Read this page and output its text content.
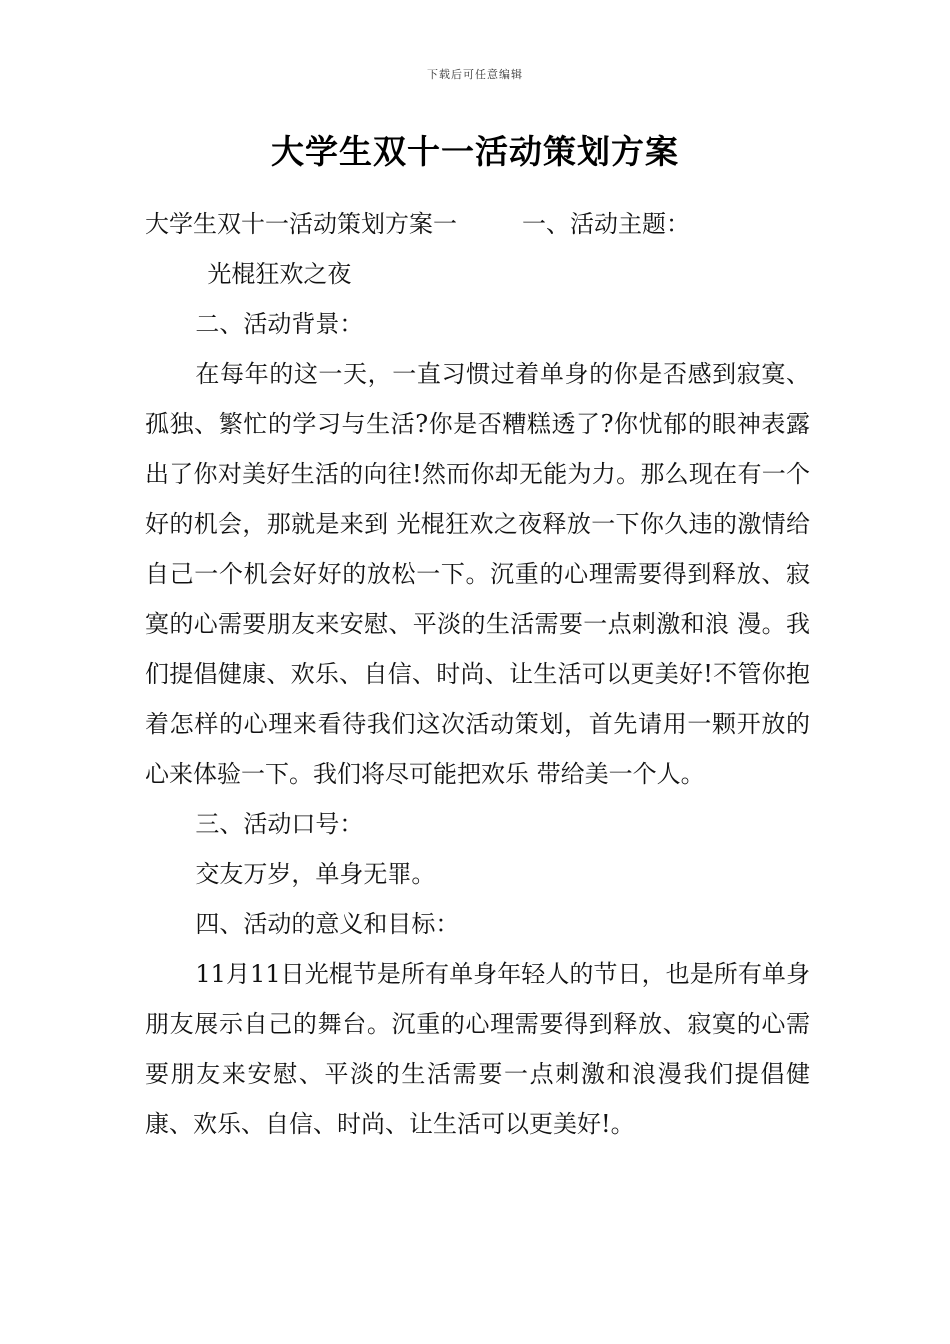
下载后可任意编辑
大学生双十一活动策划方案
大学生双十一活动策划方案一	一、活动主题：

光棍狂欢之夜

二、活动背景：

在每年的这一天，一直习惯过着单身的你是否感到寂寞、孤独、繁忙的学习与生活?你是否糟糕透了?你忧郁的眼神表露出了你对美好生活的向往!然而你却无能为力。那么现在有一个好的机会，那就是来到 光棍狂欢之夜释放一下你久违的激情给自己一个机会好好的放松一下。沉重的心理需要得到释放、寂寞的心需要朋友来安慰、平淡的生活需要一点刺激和浪 漫。我们提倡健康、欢乐、自信、时尚、让生活可以更美好!不管你抱着怎样的心理来看待我们这次活动策划，首先请用一颗开放的心来体验一下。我们将尽可能把欢乐 带给美一个人。

三、活动口号：

交友万岁，单身无罪。

四、活动的意义和目标：

11月11日光棍节是所有单身年轻人的节日，也是所有单身朋友展示自己的舞台。沉重的心理需要得到释放、寂寞的心需要朋友来安慰、平淡的生活需要一点刺激和浪漫我们提倡健康、欢乐、自信、时尚、让生活可以更美好!。
